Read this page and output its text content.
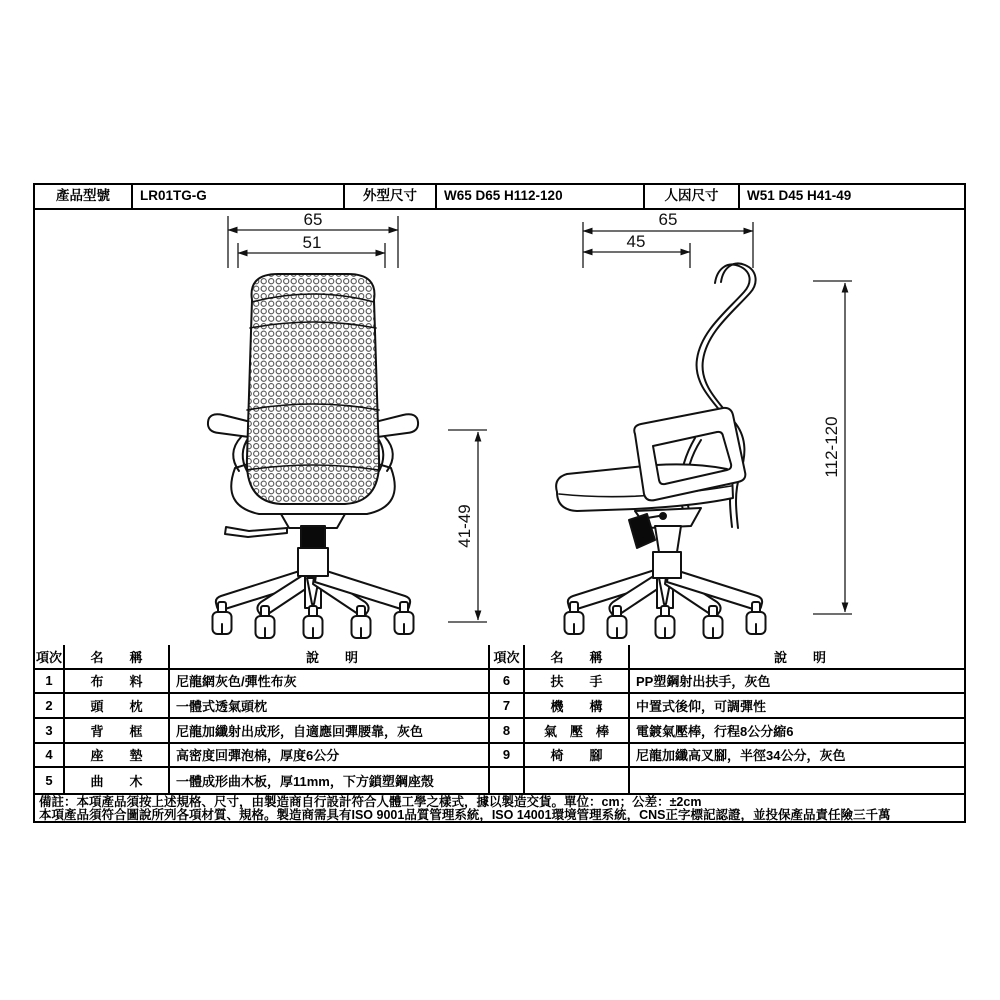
產品型號	LR01TG-G	外型尺寸	W65 D65 H112-120	人因尺寸	W51 D45 H41-49
65
51
65
45
41-49
112-120
項次	名　　稱	說　　明
1	布　　料	尼龍網灰色/彈性布灰
2	頭　　枕	一體式透氣頭枕
3	背　　框	尼龍加纖射出成形，自適應回彈腰靠，灰色
4	座　　墊	高密度回彈泡棉，厚度6公分
5	曲　　木	一體成形曲木板，厚11mm，下方鎖塑鋼座殼
項次	名　　稱	說　　明
6	扶　　手	PP塑鋼射出扶手，灰色
7	機　　構	中置式後仰，可調彈性
8	氣　壓　棒	電鍍氣壓棒，行程8公分縮6
9	椅　　腳	尼龍加纖高叉腳，半徑34公分，灰色
備註：本項產品須按上述規格、尺寸，由製造商自行設計符合人體工學之樣式，據以製造交貨。單位：cm；公差：±2cm
本項產品須符合圖說所列各項材質、規格。製造商需具有ISO 9001品質管理系統，ISO 14001環境管理系統，CNS正字標記認證，並投保產品責任險三千萬
